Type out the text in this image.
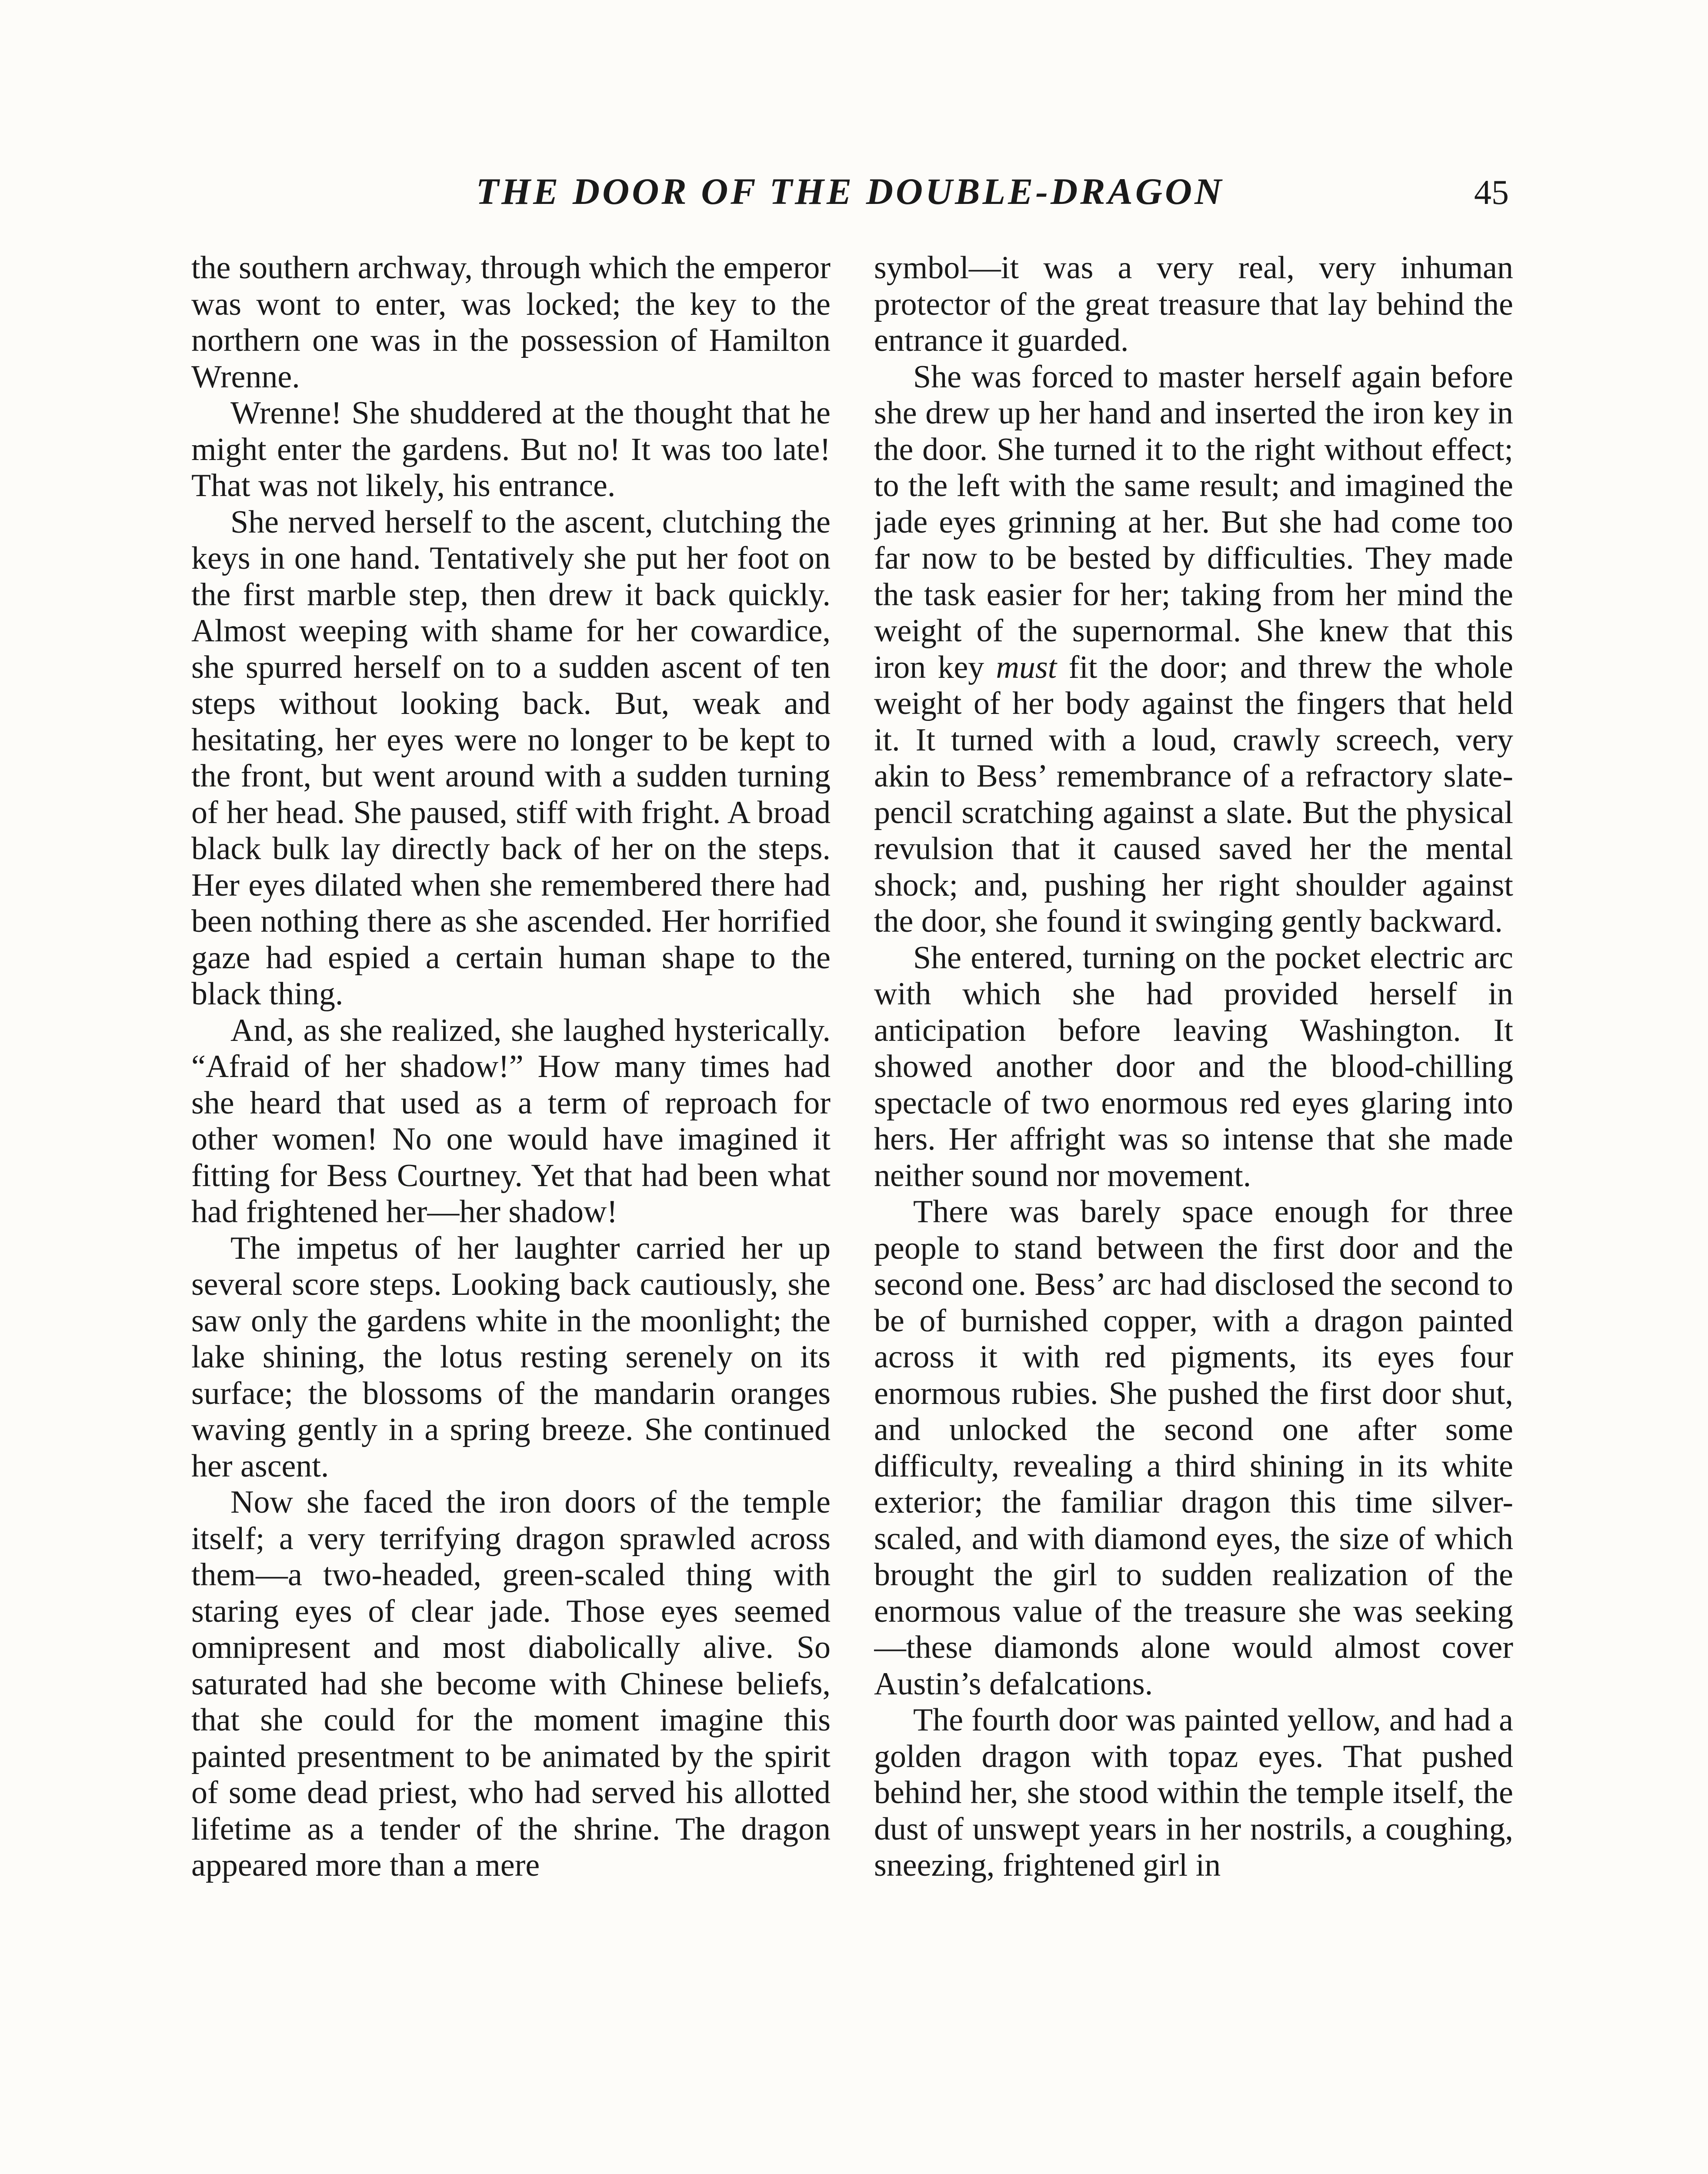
THE DOOR OF THE DOUBLE-DRAGON	45

the southern archway, through which the emperor was wont to enter, was locked; the key to the northern one was in the possession of Hamilton Wrenne.

Wrenne! She shuddered at the thought that he might enter the gardens. But no! It was too late! That was not likely, his entrance.

She nerved herself to the ascent, clutching the keys in one hand. Tentatively she put her foot on the first marble step, then drew it back quickly. Almost weeping with shame for her cowardice, she spurred herself on to a sudden ascent of ten steps without looking back. But, weak and hesitating, her eyes were no longer to be kept to the front, but went around with a sudden turning of her head. She paused, stiff with fright. A broad black bulk lay directly back of her on the steps. Her eyes dilated when she remembered there had been nothing there as she ascended. Her horrified gaze had espied a certain human shape to the black thing.

And, as she realized, she laughed hysterically. “Afraid of her shadow!” How many times had she heard that used as a term of reproach for other women! No one would have imagined it fitting for Bess Courtney. Yet that had been what had frightened her—her shadow!

The impetus of her laughter carried her up several score steps. Looking back cautiously, she saw only the gardens white in the moonlight; the lake shining, the lotus resting serenely on its surface; the blossoms of the mandarin oranges waving gently in a spring breeze. She continued her ascent.

Now she faced the iron doors of the temple itself; a very terrifying dragon sprawled across them—a two-headed, green-scaled thing with staring eyes of clear jade. Those eyes seemed omnipresent and most diabolically alive. So saturated had she become with Chinese beliefs, that she could for the moment imagine this painted presentment to be animated by the spirit of some dead priest, who had served his allotted lifetime as a tender of the shrine. The dragon appeared more than a mere

symbol—it was a very real, very inhuman protector of the great treasure that lay behind the entrance it guarded.

She was forced to master herself again before she drew up her hand and inserted the iron key in the door. She turned it to the right without effect; to the left with the same result; and imagined the jade eyes grinning at her. But she had come too far now to be bested by difficulties. They made the task easier for her; taking from her mind the weight of the supernormal. She knew that this iron key must fit the door; and threw the whole weight of her body against the fingers that held it. It turned with a loud, crawly screech, very akin to Bess’ remembrance of a refractory slate-pencil scratching against a slate. But the physical revulsion that it caused saved her the mental shock; and, pushing her right shoulder against the door, she found it swinging gently backward.

She entered, turning on the pocket electric arc with which she had provided herself in anticipation before leaving Washington. It showed another door and the blood-chilling spectacle of two enormous red eyes glaring into hers. Her affright was so intense that she made neither sound nor movement.

There was barely space enough for three people to stand between the first door and the second one. Bess’ arc had disclosed the second to be of burnished copper, with a dragon painted across it with red pigments, its eyes four enormous rubies. She pushed the first door shut, and unlocked the second one after some difficulty, revealing a third shining in its white exterior; the familiar dragon this time silver-scaled, and with diamond eyes, the size of which brought the girl to sudden realization of the enormous value of the treasure she was seeking—these diamonds alone would almost cover Austin’s defalcations.

The fourth door was painted yellow, and had a golden dragon with topaz eyes. That pushed behind her, she stood within the temple itself, the dust of unswept years in her nostrils, a coughing, sneezing, frightened girl in
